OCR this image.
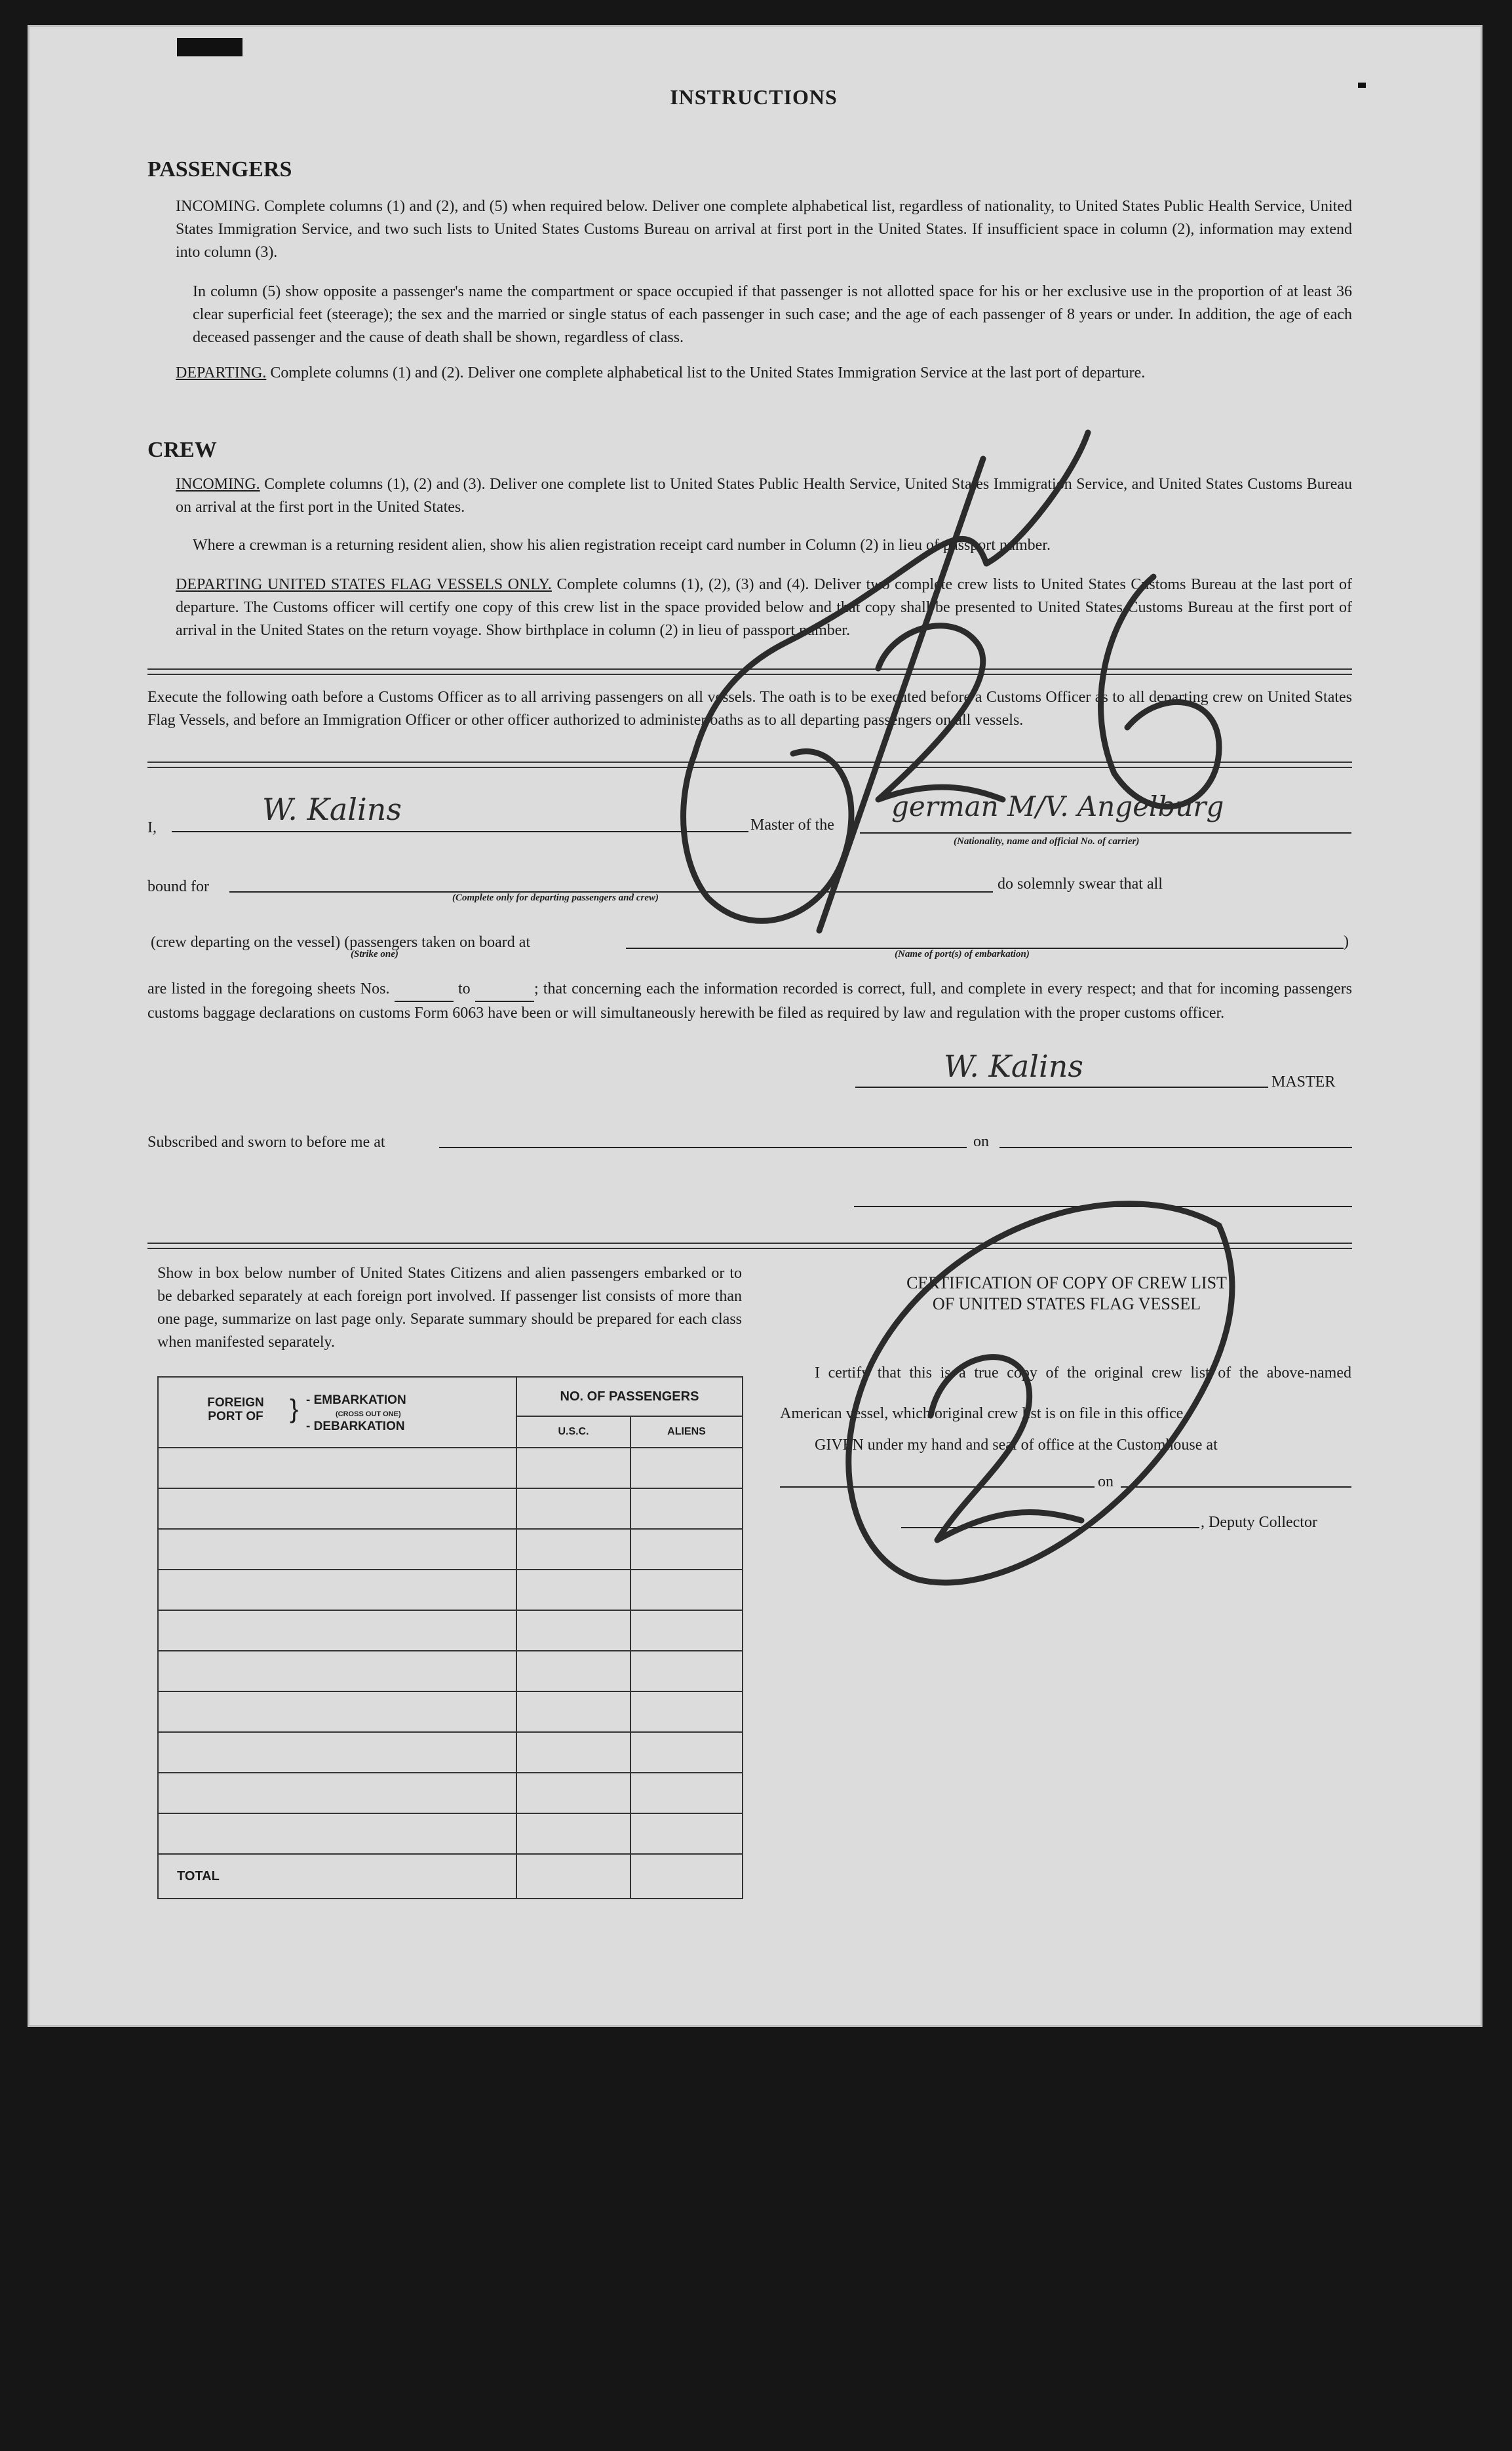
INSTRUCTIONS
PASSENGERS

INCOMING. Complete columns (1) and (2), and (5) when required below. Deliver one complete alphabetical list, regardless of nationality, to United States Public Health Service, United States Immigration Service, and two such lists to United States Customs Bureau on arrival at first port in the United States. If insufficient space in column (2), information may extend into column (3).

In column (5) show opposite a passenger's name the compartment or space occupied if that passenger is not allotted space for his or her exclusive use in the proportion of at least 36 clear superficial feet (steerage); the sex and the married or single status of each passenger in such case; and the age of each passenger of 8 years or under. In addition, the age of each deceased passenger and the cause of death shall be shown, regardless of class.

DEPARTING. Complete columns (1) and (2). Deliver one complete alphabetical list to the United States Immigration Service at the last port of departure.

CREW

INCOMING. Complete columns (1), (2) and (3). Deliver one complete list to United States Public Health Service, United States Immigration Service, and United States Customs Bureau on arrival at the first port in the United States.

Where a crewman is a returning resident alien, show his alien registration receipt card number in Column (2) in lieu of passport number.

DEPARTING UNITED STATES FLAG VESSELS ONLY. Complete columns (1), (2), (3) and (4). Deliver two complete crew lists to United States Customs Bureau at the last port of departure. The Customs officer will certify one copy of this crew list in the space provided below and that copy shall be presented to United States Customs Bureau at the first port of arrival in the United States on the return voyage. Show birthplace in column (2) in lieu of passport number.

Execute the following oath before a Customs Officer as to all arriving passengers on all vessels. The oath is to be executed before a Customs Officer as to all departing crew on United States Flag Vessels, and before an Immigration Officer or other officer authorized to administer oaths as to all departing passengers on all vessels.

I,
W. Kalins	Master of the
german M/V. Angelburg
(Nationality, name and official No. of carrier)
bound for
(Complete only for departing passengers and crew)
do solemnly swear that all
(crew departing on the vessel) (passengers taken on board at
(Strike one)	(Name of port(s) of embarkation)
)
are listed in the foregoing sheets Nos.	to	; that concerning each the information recorded is correct, full, and complete in every respect; and that for incoming passengers customs baggage declarations on customs Form 6063 have been or will simultaneously herewith be filed as required by law and regulation with the proper customs officer.
W. Kalins	MASTER
Subscribed and sworn to before me at	on

Show in box below number of United States Citizens and alien passengers embarked or to be debarked separately at each foreign port involved. If passenger list consists of more than one page, summarize on last page only. Separate summary should be prepared for each class when manifested separately.

FOREIGN PORT OF } - EMBARKATION
(CROSS OUT ONE)
- DEBARKATION	NO. OF PASSENGERS	
	U.S.C.	ALIENS

TOTAL		
CERTIFICATION OF COPY OF CREW LIST
OF UNITED STATES FLAG VESSEL

I certify that this is a true copy of the original crew list of the above-named American vessel, which original crew list is on file in this office.

GIVEN under my hand and seal of office at the Customhouse at
on
, Deputy Collector
